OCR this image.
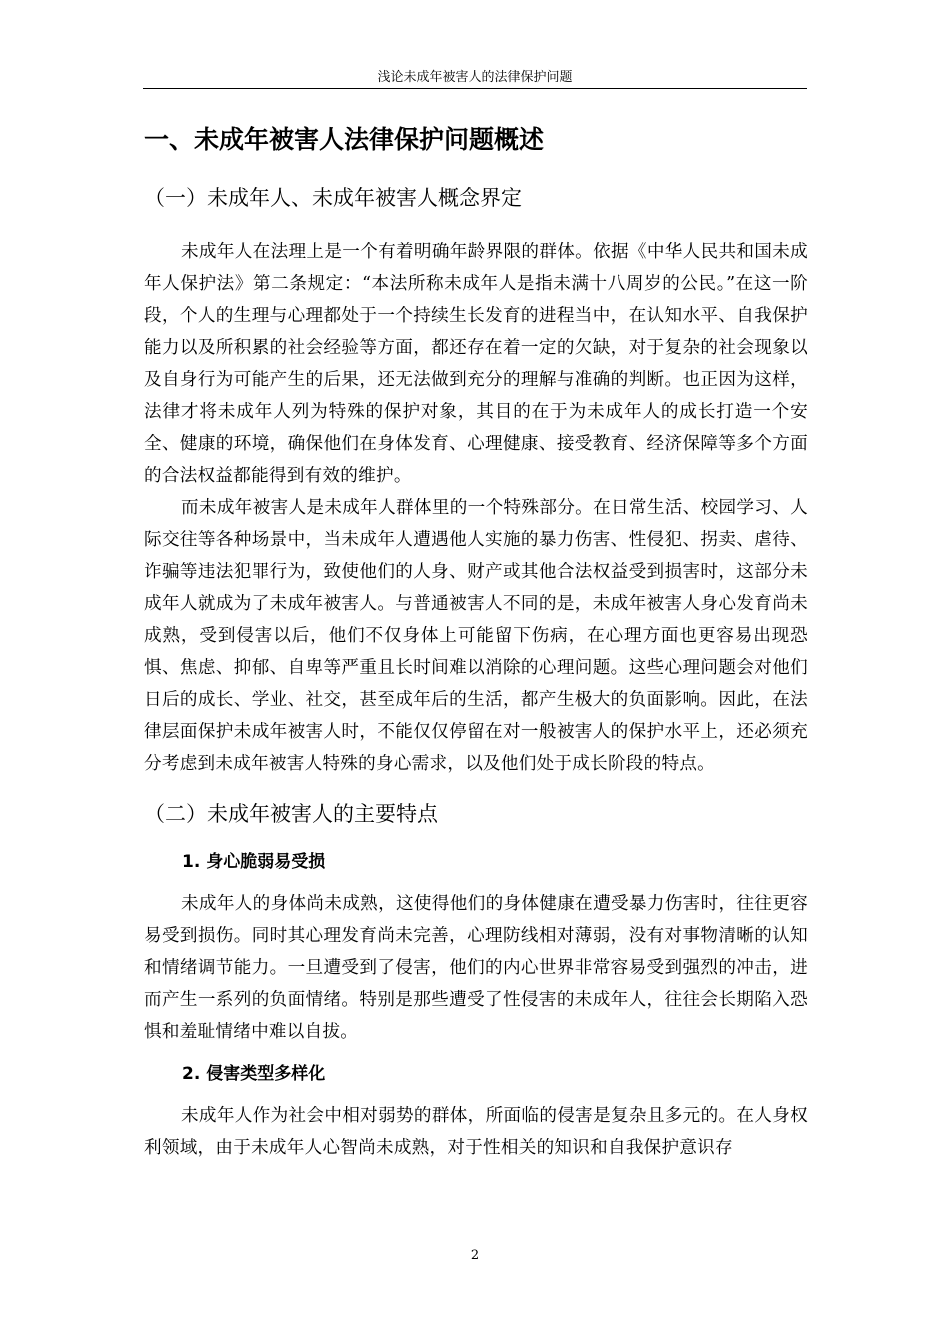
浅论未成年被害人的法律保护问题
一、未成年被害人法律保护问题概述
（一）未成年人、未成年被害人概念界定

未成年人在法理上是一个有着明确年龄界限的群体。依据《中华人民共和国未成年人保护法》第二条规定：“本法所称未成年人是指未满十八周岁的公民。”在这一阶段，个人的生理与心理都处于一个持续生长发育的进程当中，在认知水平、自我保护能力以及所积累的社会经验等方面，都还存在着一定的欠缺，对于复杂的社会现象以及自身行为可能产生的后果，还无法做到充分的理解与准确的判断。也正因为这样，法律才将未成年人列为特殊的保护对象，其目的在于为未成年人的成长打造一个安全、健康的环境，确保他们在身体发育、心理健康、接受教育、经济保障等多个方面的合法权益都能得到有效的维护。

而未成年被害人是未成年人群体里的一个特殊部分。在日常生活、校园学习、人际交往等各种场景中，当未成年人遭遇他人实施的暴力伤害、性侵犯、拐卖、虐待、诈骗等违法犯罪行为，致使他们的人身、财产或其他合法权益受到损害时，这部分未成年人就成为了未成年被害人。与普通被害人不同的是，未成年被害人身心发育尚未成熟，受到侵害以后，他们不仅身体上可能留下伤病，在心理方面也更容易出现恐惧、焦虑、抑郁、自卑等严重且长时间难以消除的心理问题。这些心理问题会对他们日后的成长、学业、社交，甚至成年后的生活，都产生极大的负面影响。因此，在法律层面保护未成年被害人时，不能仅仅停留在对一般被害人的保护水平上，还必须充分考虑到未成年被害人特殊的身心需求，以及他们处于成长阶段的特点。

（二）未成年被害人的主要特点
1. 身心脆弱易受损

未成年人的身体尚未成熟，这使得他们的身体健康在遭受暴力伤害时，往往更容易受到损伤。同时其心理发育尚未完善，心理防线相对薄弱，没有对事物清晰的认知和情绪调节能力。一旦遭受到了侵害，他们的内心世界非常容易受到强烈的冲击，进而产生一系列的负面情绪。特别是那些遭受了性侵害的未成年人，往往会长期陷入恐惧和羞耻情绪中难以自拔。

2. 侵害类型多样化

未成年人作为社会中相对弱势的群体，所面临的侵害是复杂且多元的。在人身权利领域，由于未成年人心智尚未成熟，对于性相关的知识和自我保护意识存

2
